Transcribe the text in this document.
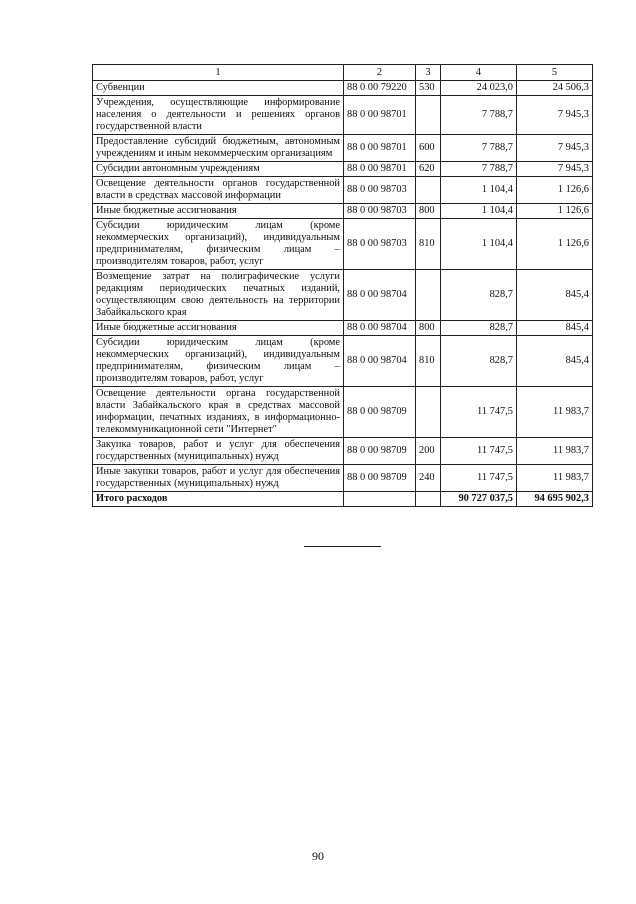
1	2	3	4	5
Субвенции	88 0 00 79220	530	24 023,0	24 506,3
Учреждения, осуществляющие информирование населения о деятельности и решениях органов государственной власти	88 0 00 98701		7 788,7	7 945,3
Предоставление субсидий бюджетным, автономным учреждениям и иным некоммерческим организациям	88 0 00 98701	600	7 788,7	7 945,3
Субсидии автономным учреждениям	88 0 00 98701	620	7 788,7	7 945,3
Освещение деятельности органов государственной власти в средствах массовой информации	88 0 00 98703		1 104,4	1 126,6
Иные бюджетные ассигнования	88 0 00 98703	800	1 104,4	1 126,6
Субсидии юридическим лицам (кроме некоммерческих организаций), индивидуальным предпринимателям, физическим лицам – производителям товаров, работ, услуг	88 0 00 98703	810	1 104,4	1 126,6
Возмещение затрат на полиграфические услуги редакциям периодических печатных изданий, осуществляющим свою деятельность на территории Забайкальского края	88 0 00 98704		828,7	845,4
Иные бюджетные ассигнования	88 0 00 98704	800	828,7	845,4
Субсидии юридическим лицам (кроме некоммерческих организаций), индивидуальным предпринимателям, физическим лицам – производителям товаров, работ, услуг	88 0 00 98704	810	828,7	845,4
Освещение деятельности органа государственной власти Забайкальского края в средствах массовой информации, печатных изданиях, в информационно-телекоммуникационной сети "Интернет"	88 0 00 98709		11 747,5	11 983,7
Закупка товаров, работ и услуг для обеспечения государственных (муниципальных) нужд	88 0 00 98709	200	11 747,5	11 983,7
Иные закупки товаров, работ и услуг для обеспечения государственных (муниципальных) нужд	88 0 00 98709	240	11 747,5	11 983,7
Итого расходов			90 727 037,5	94 695 902,3
90
